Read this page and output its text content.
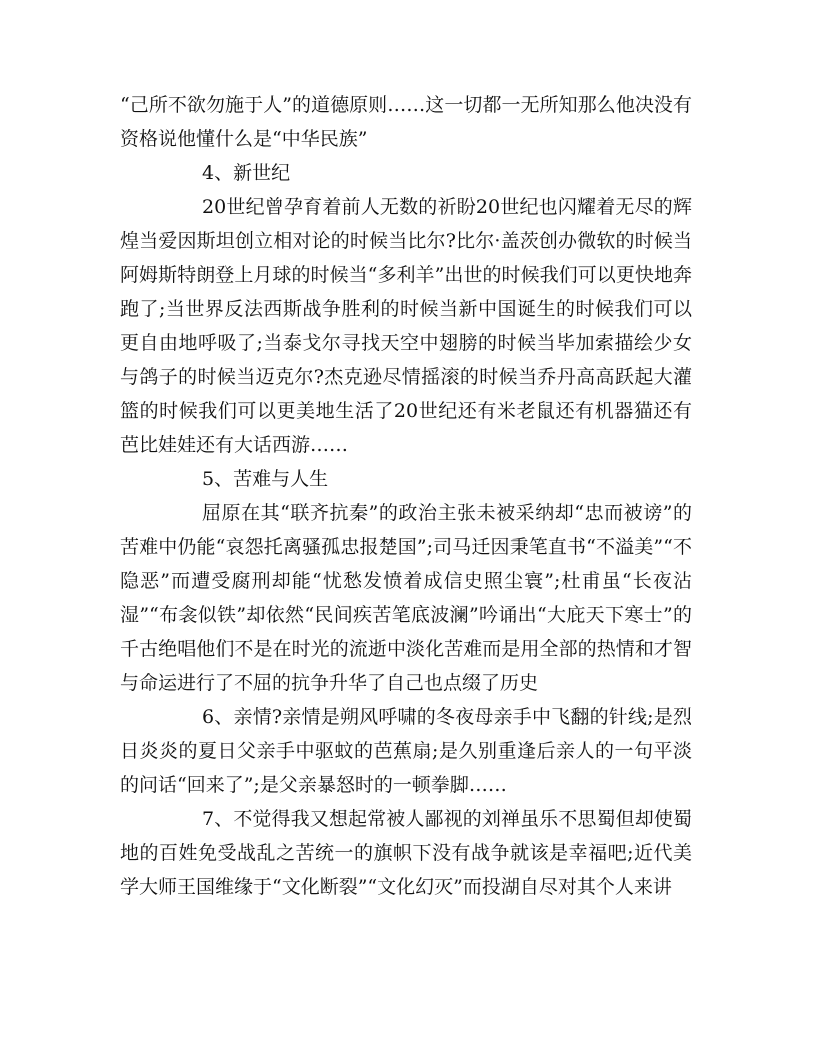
“己所不欲勿施于人”的道德原则……这一切都一无所知那么他决没有资格说他懂什么是“中华民族”

4、新世纪

20世纪曾孕育着前人无数的祈盼20世纪也闪耀着无尽的辉煌当爱因斯坦创立相对论的时候当比尔?比尔·盖茨创办微软的时候当阿姆斯特朗登上月球的时候当“多利羊”出世的时候我们可以更快地奔跑了;当世界反法西斯战争胜利的时候当新中国诞生的时候我们可以更自由地呼吸了;当泰戈尔寻找天空中翅膀的时候当毕加索描绘少女与鸽子的时候当迈克尔?杰克逊尽情摇滚的时候当乔丹高高跃起大灌篮的时候我们可以更美地生活了20世纪还有米老鼠还有机器猫还有芭比娃娃还有大话西游……

5、苦难与人生

屈原在其“联齐抗秦”的政治主张未被采纳却“忠而被谤”的苦难中仍能“哀怨托离骚孤忠报楚国”;司马迁因秉笔直书“不溢美”“不隐恶”而遭受腐刑却能“忧愁发愤着成信史照尘寰”;杜甫虽“长夜沾湿”“布衾似铁”却依然“民间疾苦笔底波澜”吟诵出“大庇天下寒士”的千古绝唱他们不是在时光的流逝中淡化苦难而是用全部的热情和才智与命运进行了不屈的抗争升华了自己也点缀了历史

6、亲情?亲情是朔风呼啸的冬夜母亲手中飞翻的针线;是烈日炎炎的夏日父亲手中驱蚊的芭蕉扇;是久别重逢后亲人的一句平淡的问话“回来了”;是父亲暴怒时的一顿拳脚……

7、不觉得我又想起常被人鄙视的刘禅虽乐不思蜀但却使蜀地的百姓免受战乱之苦统一的旗帜下没有战争就该是幸福吧;近代美学大师王国维缘于“文化断裂”“文化幻灭”而投湖自尽对其个人来讲
